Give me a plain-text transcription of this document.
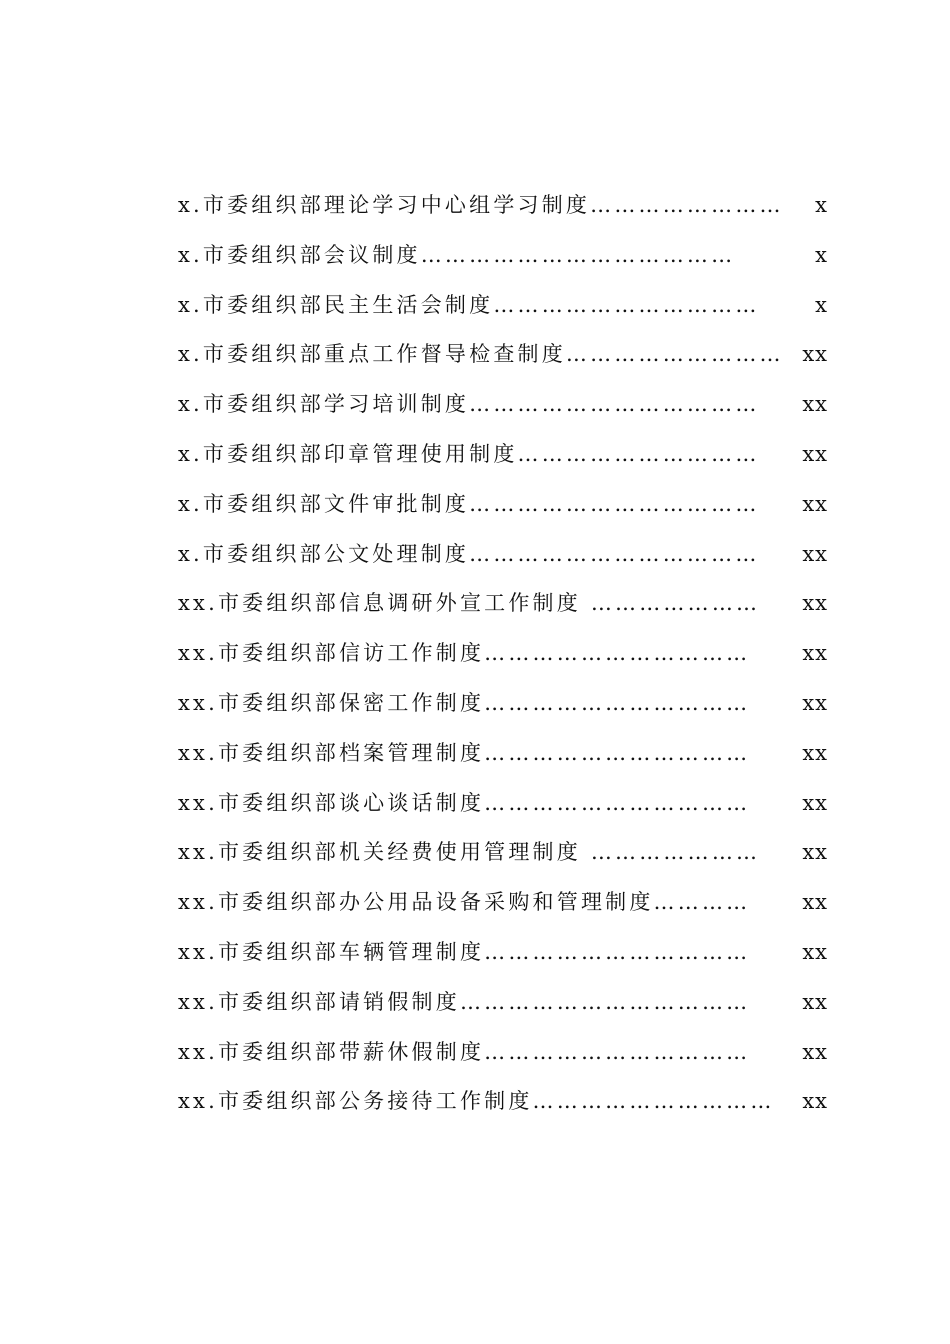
x.市委组织部理论学习中心组学习制度…………………… x
x.市委组织部会议制度…………………………………	x
x.市委组织部民主生活会制度……………………………	x
x.市委组织部重点工作督导检查制度……………………… xx
x.市委组织部学习培训制度……………………………… xx
x.市委组织部印章管理使用制度………………………… xx
x.市委组织部文件审批制度……………………………… xx
x.市委组织部公文处理制度……………………………… xx
xx.市委组织部信息调研外宣工作制度 ………………… xx
xx.市委组织部信访工作制度…………………………… xx
xx.市委组织部保密工作制度…………………………… xx
xx.市委组织部档案管理制度…………………………… xx
xx.市委组织部谈心谈话制度…………………………… xx
xx.市委组织部机关经费使用管理制度 ………………… xx
xx.市委组织部办公用品设备采购和管理制度………… xx
xx.市委组织部车辆管理制度…………………………… xx
xx.市委组织部请销假制度……………………………… xx
xx.市委组织部带薪休假制度…………………………… xx
xx.市委组织部公务接待工作制度………………………… xx
